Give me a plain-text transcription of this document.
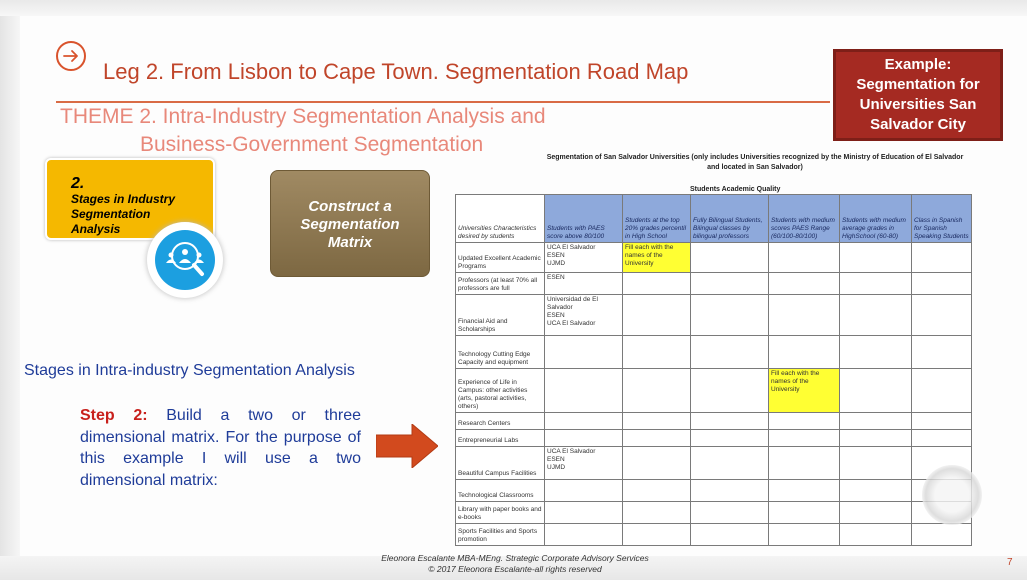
Leg 2. From Lisbon to Cape Town. Segmentation Road Map
THEME 2. Intra-Industry Segmentation Analysis and
Business-Government Segmentation
Example: Segmentation for Universities San Salvador City
2.
Stages in Industry
Segmentation
Analysis
Construct a
Segmentation
Matrix
Stages in Intra-industry Segmentation Analysis
Step 2: Build a two or three dimensional matrix. For the purpose of this example I will use a two dimensional matrix:
Segmentation of San Salvador Universities (only includes Universities recognized by the Ministry of Education of El Salvador and located in San Salvador)
Students Academic Quality
Universities Characteristics desired by students	Students with PAES score above 80/100	Students at the top 20% grades percentil in High School	Fully Bilingual Students, Bilingual classes by bilingual professors	Students with medium scores PAES Range (60/100-80/100)	Students with medium average grades in HighSchool (60-80)	Class in Spanish for Spanish Speaking Students
Updated Excellent Academic Programs	UCA El Salvador
ESEN
UJMD	Fill each with the names of the University				

Professors (at least 70% all professors are full	ESEN					

Financial Aid and Scholarships	Universidad de El Salvador
ESEN
UCA El Salvador					

Technology Cutting Edge Capacity and equipment						
Experience of Life in Campus: other activities (arts, pastoral activities, others)				Fill each with the names of the University		

Research Centers						
Entrepreneurial Labs						
Beautiful Campus Facilities	UCA El Salvador
ESEN
UJMD					

Technological Classrooms						
Library with paper books and e-books						
Sports Facilities and Sports promotion						
Eleonora Escalante MBA-MEng. Strategic Corporate Advisory Services
© 2017 Eleonora Escalante-all rights reserved
7
